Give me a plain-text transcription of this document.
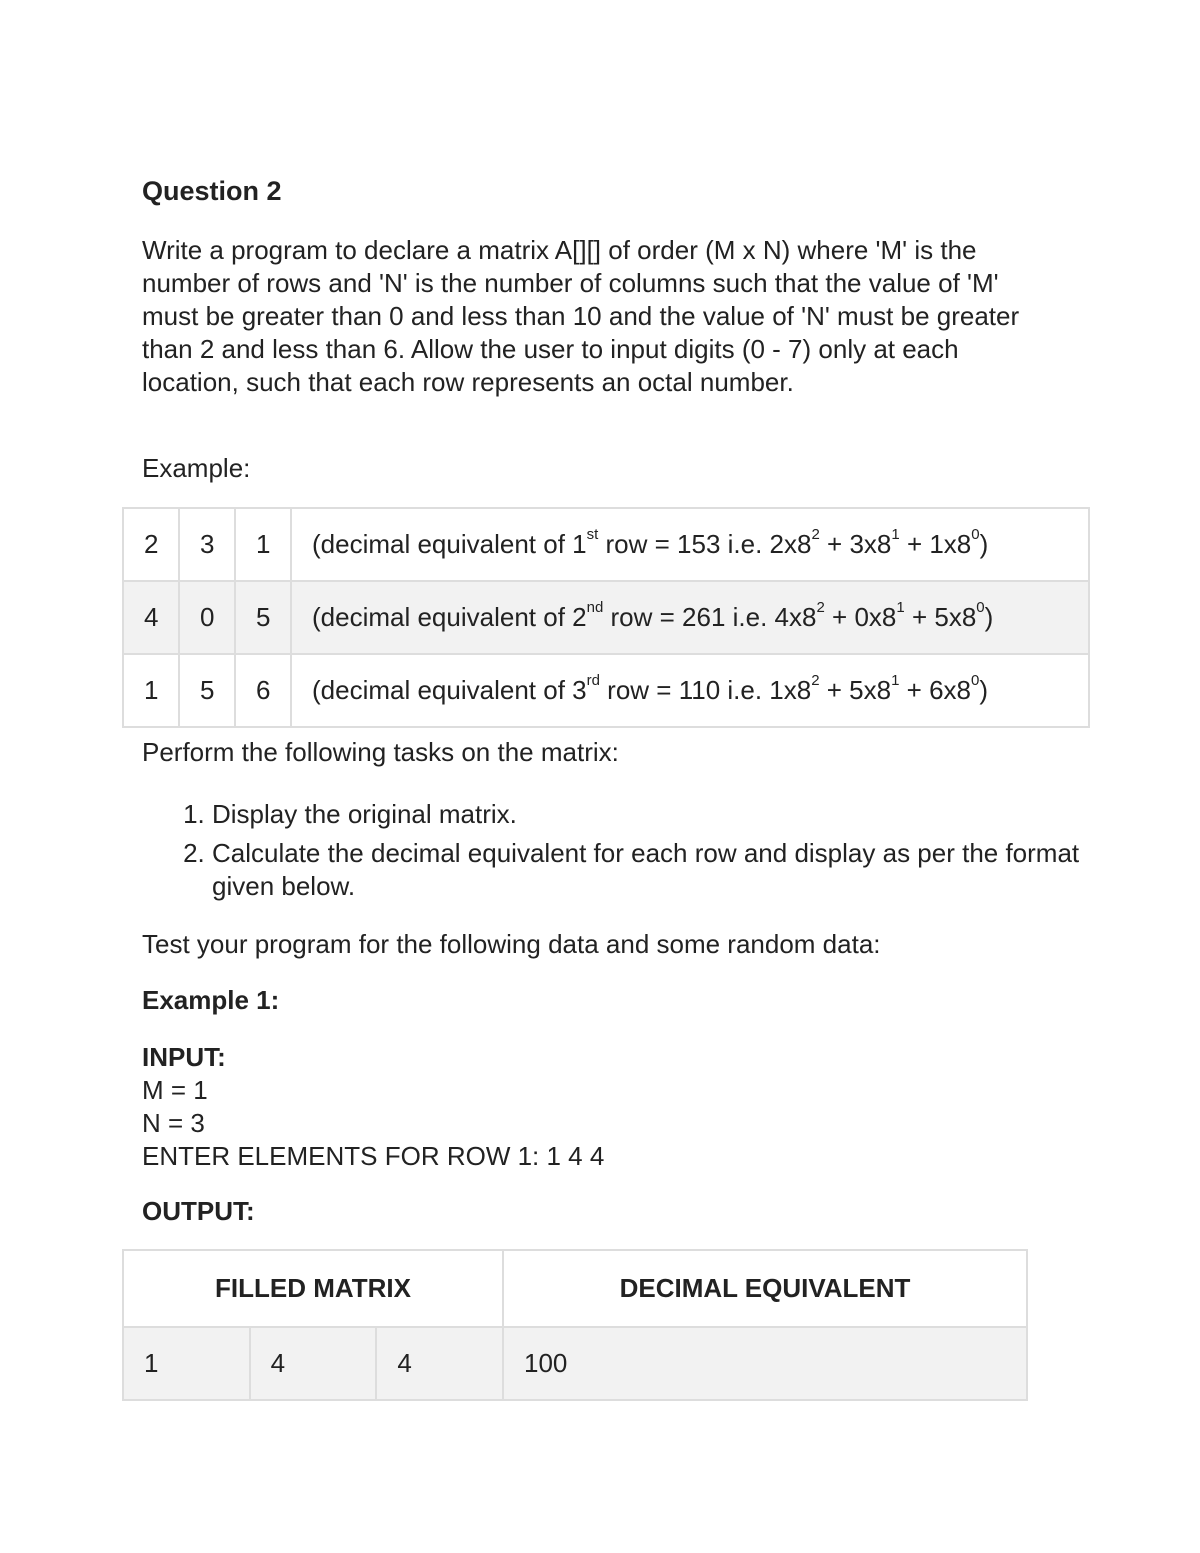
Question 2

Write a program to declare a matrix A[][] of order (M x N) where 'M' is the number of rows and 'N' is the number of columns such that the value of 'M' must be greater than 0 and less than 10 and the value of 'N' must be greater than 2 and less than 6. Allow the user to input digits (0 - 7) only at each location, such that each row represents an octal number.

Example:

2	3	1	(decimal equivalent of 1st row = 153 i.e. $2x8^2 + 3x8^1 + 1x8^0$)
4	0	5	(decimal equivalent of 2nd row = 261 i.e. $4x8^2 + 0x8^1 + 5x8^0$)
1	5	6	(decimal equivalent of 3rd row = 110 i.e. $1x8^2 + 5x8^1 + 6x8^0$)

Perform the following tasks on the matrix:

1. Display the original matrix.
2. Calculate the decimal equivalent for each row and display as per the format given below.

Test your program for the following data and some random data:

Example 1:

INPUT:
M = 1
N = 3
ENTER ELEMENTS FOR ROW 1: 1 4 4

OUTPUT:

FILLED MATRIX			DECIMAL EQUIVALENT
1	4	4	100
